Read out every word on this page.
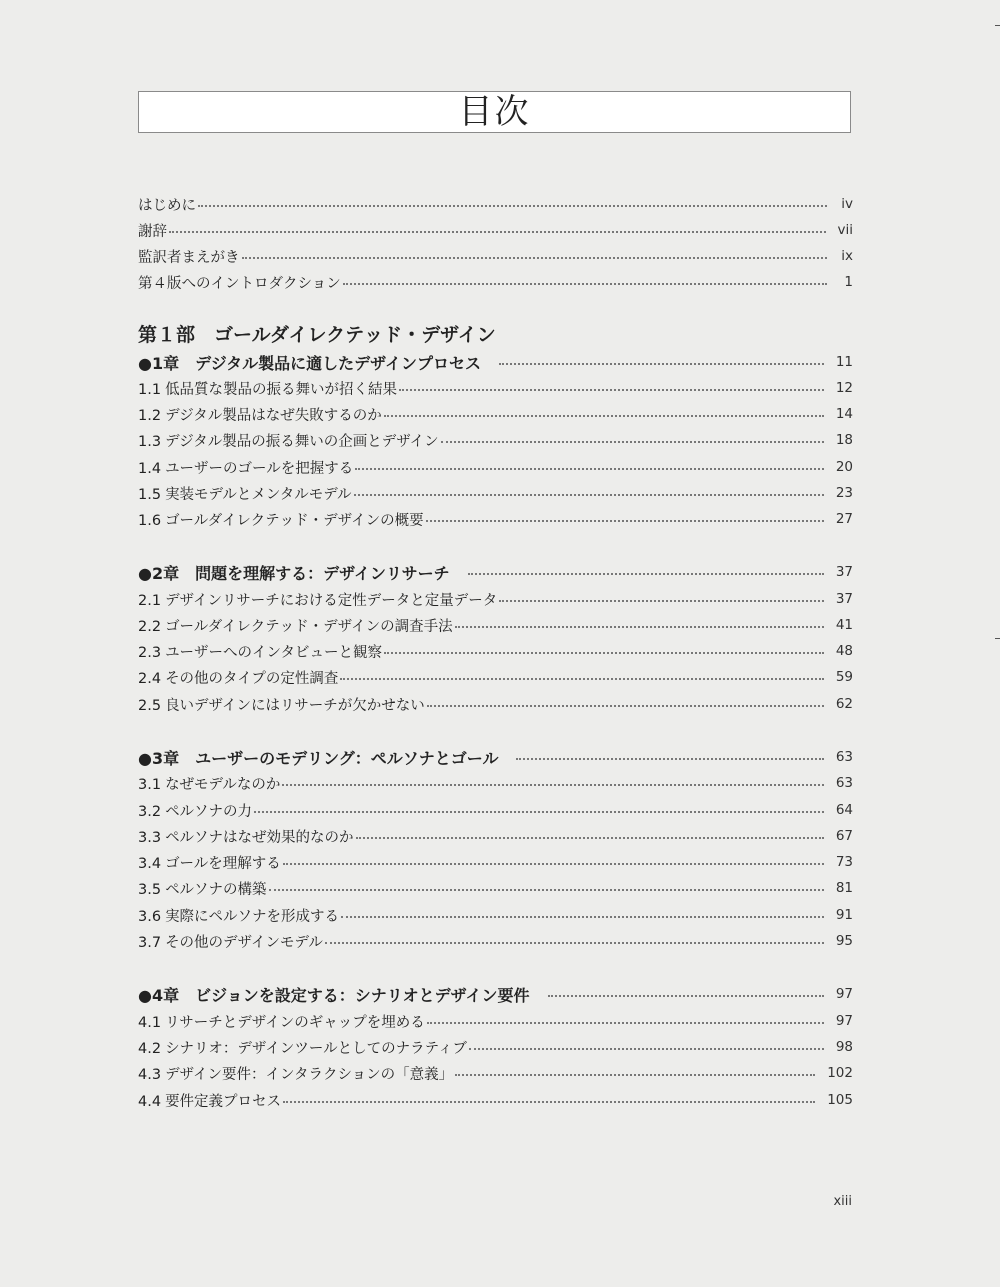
目次
はじめに	iv
謝辞	vii
監訳者まえがき	ix
第４版へのイントロダクション	1
第１部　ゴールダイレクテッド・デザイン
●1章　デジタル製品に適したデザインプロセス	11
1.1 低品質な製品の振る舞いが招く結果	12
1.2 デジタル製品はなぜ失敗するのか	14
1.3 デジタル製品の振る舞いの企画とデザイン	18
1.4 ユーザーのゴールを把握する	20
1.5 実装モデルとメンタルモデル	23
1.6 ゴールダイレクテッド・デザインの概要	27
●2章　問題を理解する：デザインリサーチ	37
2.1 デザインリサーチにおける定性データと定量データ	37
2.2 ゴールダイレクテッド・デザインの調査手法	41
2.3 ユーザーへのインタビューと観察	48
2.4 その他のタイプの定性調査	59
2.5 良いデザインにはリサーチが欠かせない	62
●3章　ユーザーのモデリング：ペルソナとゴール	63
3.1 なぜモデルなのか	63
3.2 ペルソナの力	64
3.3 ペルソナはなぜ効果的なのか	67
3.4 ゴールを理解する	73
3.5 ペルソナの構築	81
3.6 実際にペルソナを形成する	91
3.7 その他のデザインモデル	95
●4章　ビジョンを設定する：シナリオとデザイン要件	97
4.1 リサーチとデザインのギャップを埋める	97
4.2 シナリオ：デザインツールとしてのナラティブ	98
4.3 デザイン要件：インタラクションの「意義」	102
4.4 要件定義プロセス	105
xiii
